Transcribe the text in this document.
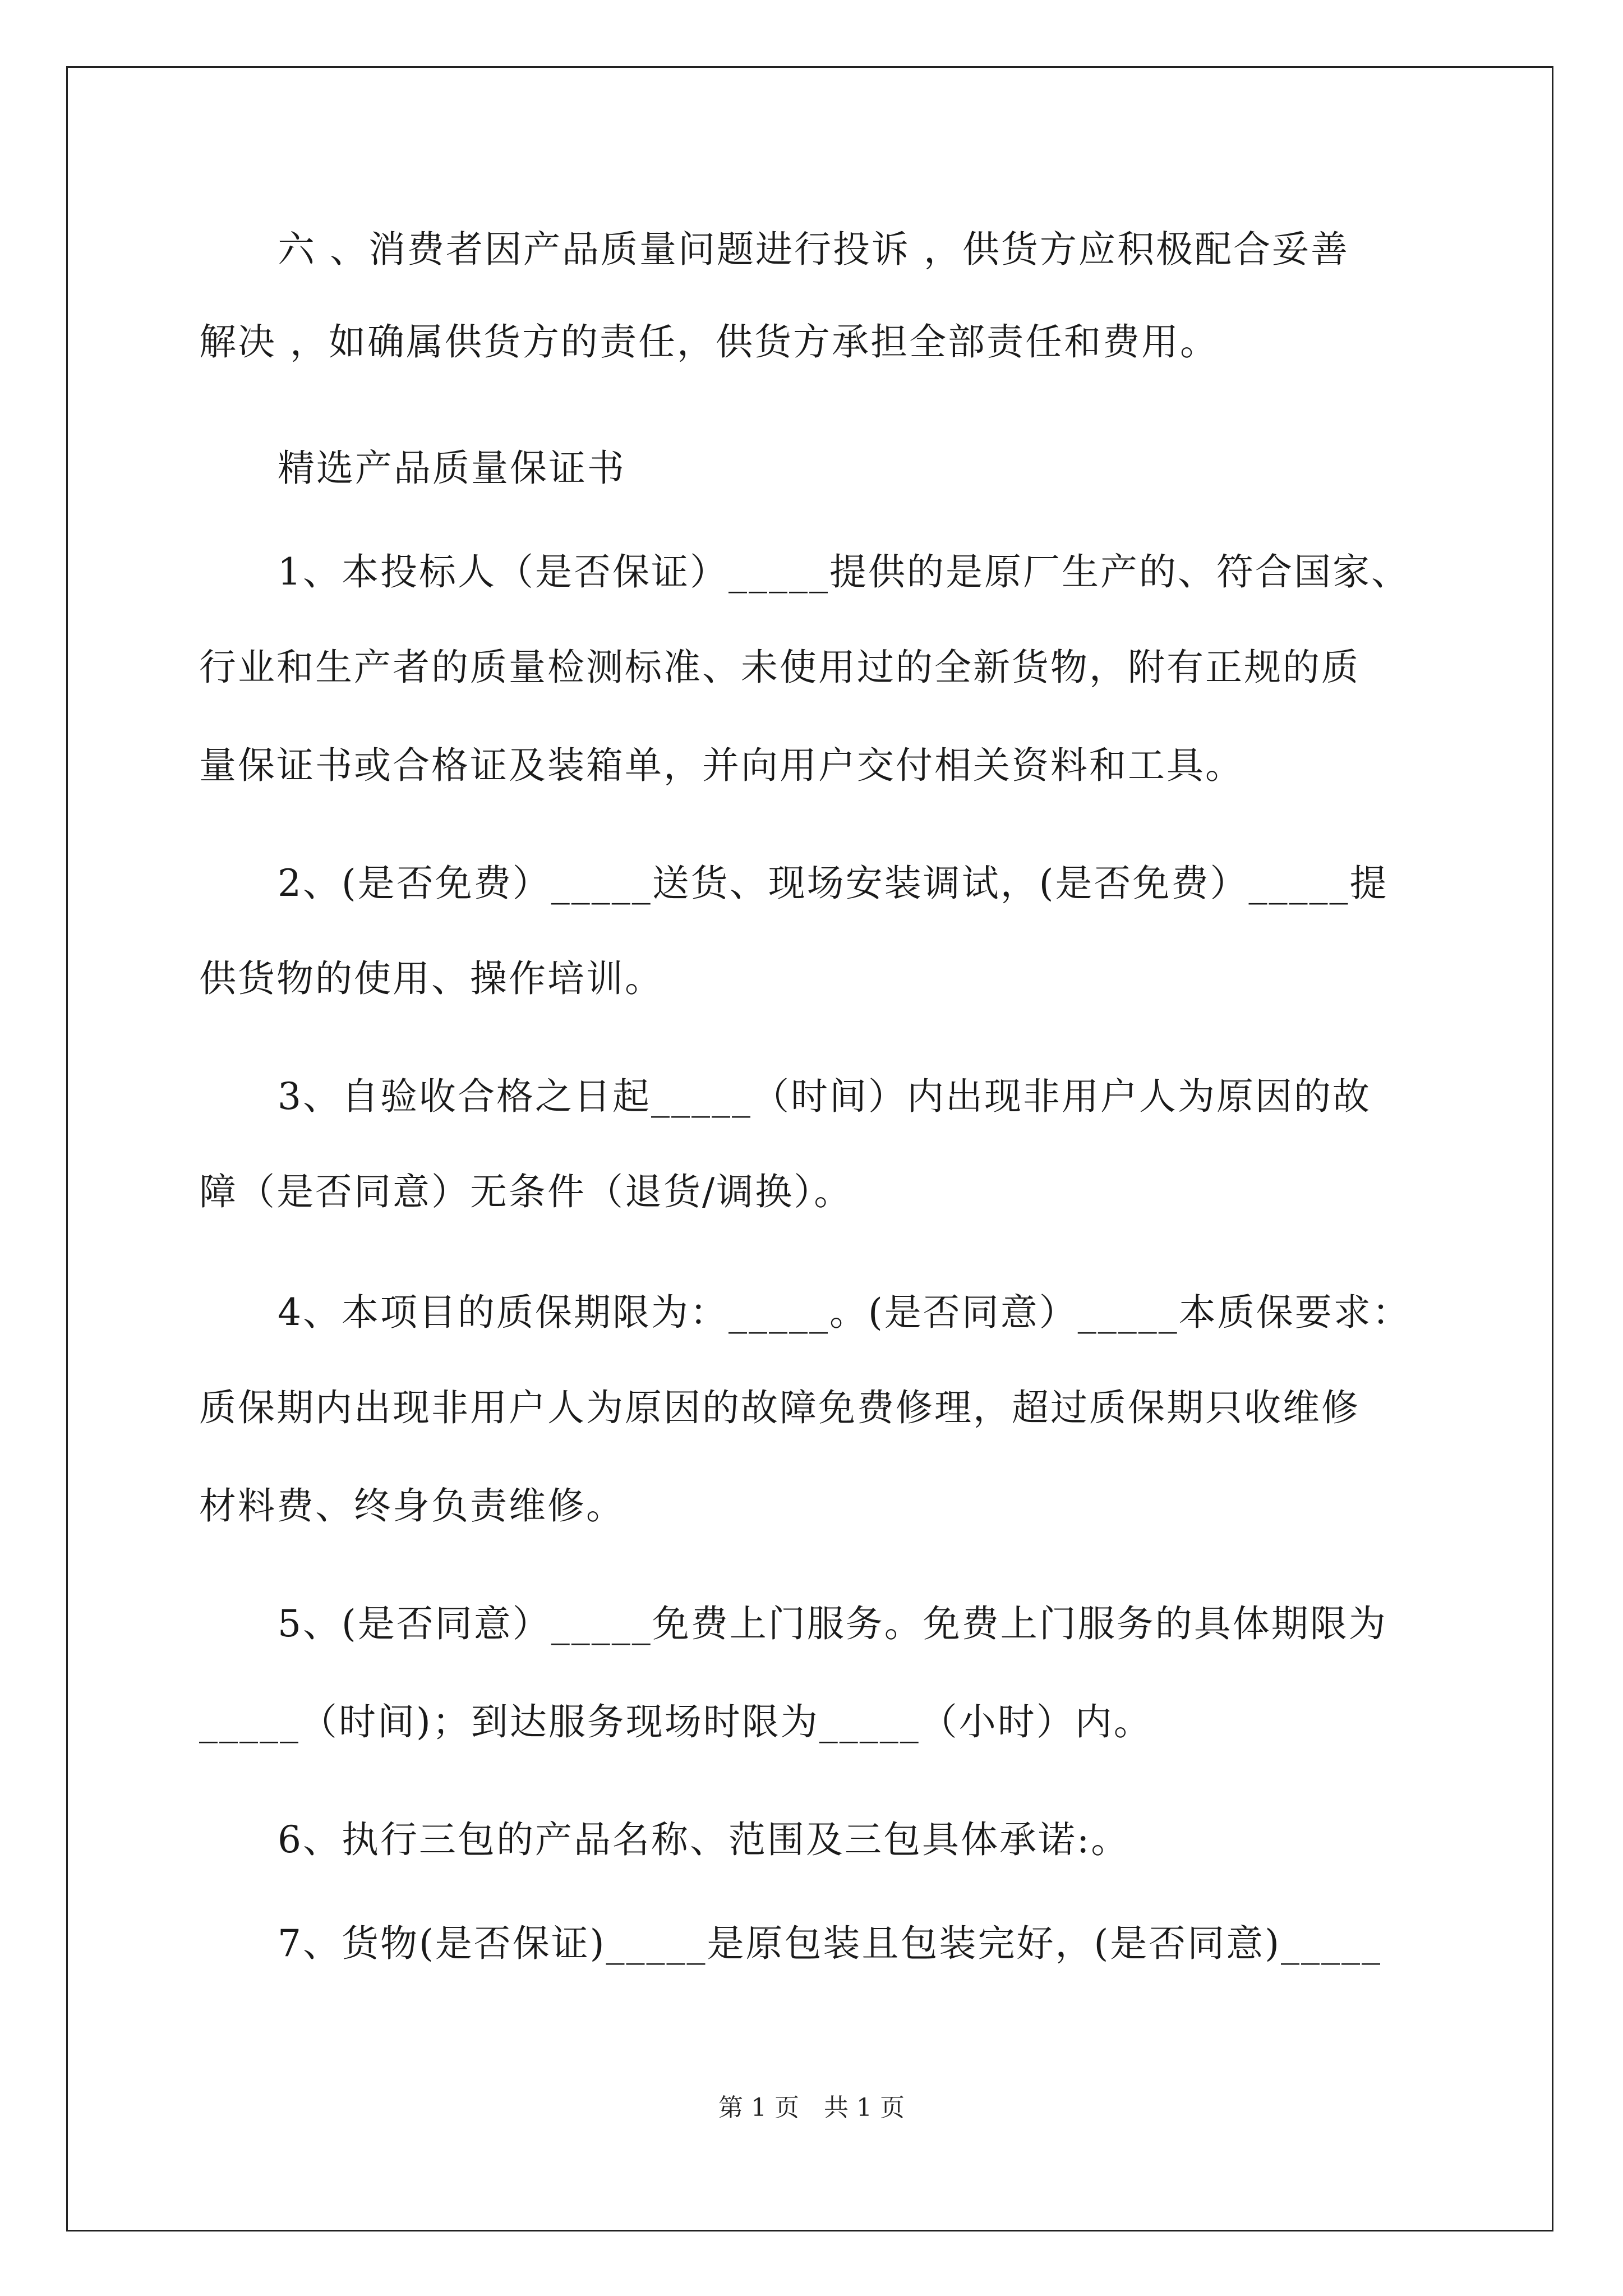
六 、消费者因产品质量问题进行投诉 ，供货方应积极配合妥善
解决 ，如确属供货方的责任，供货方承担全部责任和费用。
精选产品质量保证书
1、本投标人（是否保证）_____提供的是原厂生产的、符合国家、
行业和生产者的质量检测标准、未使用过的全新货物，附有正规的质
量保证书或合格证及装箱单，并向用户交付相关资料和工具。
2、(是否免费）_____送货、现场安装调试，(是否免费）_____提
供货物的使用、操作培训。
3、自验收合格之日起_____（时间）内出现非用户人为原因的故
障（是否同意）无条件（退货/调换）。
4、本项目的质保期限为：_____。(是否同意）_____本质保要求：
质保期内出现非用户人为原因的故障免费修理，超过质保期只收维修
材料费、终身负责维修。
5、(是否同意）_____免费上门服务。免费上门服务的具体期限为
_____（时间)；到达服务现场时限为_____（小时）内。
6、执行三包的产品名称、范围及三包具体承诺:。
7、货物(是否保证)_____是原包装且包装完好，(是否同意)_____
第 1 页　共 1 页
